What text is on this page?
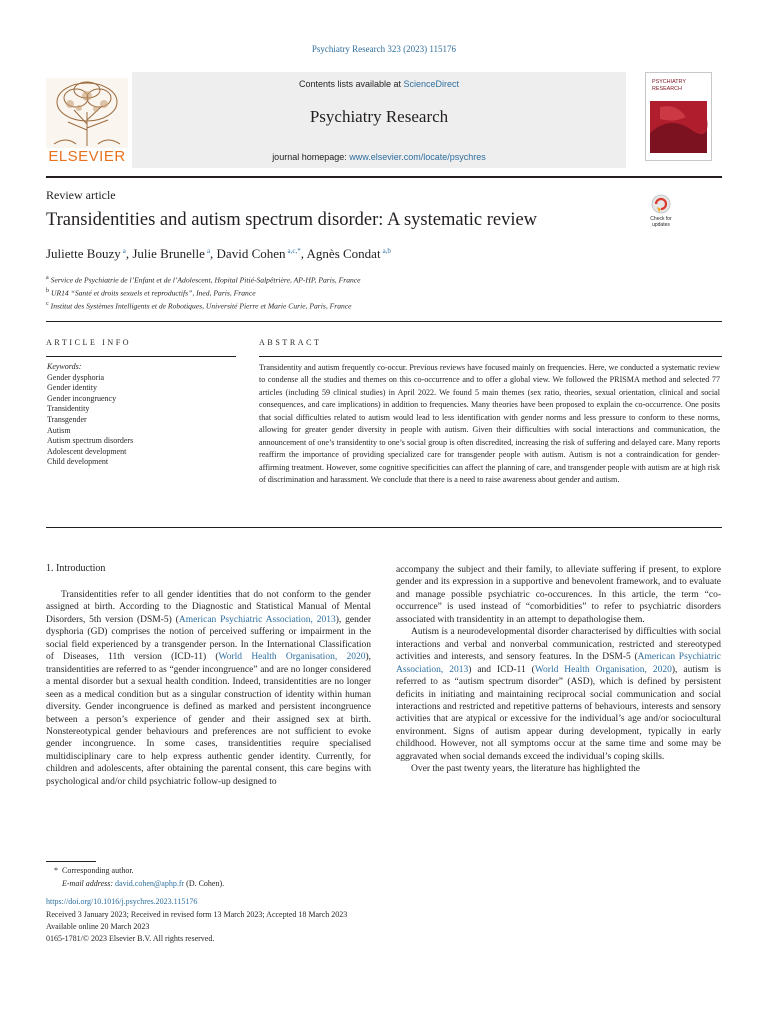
Psychiatry Research 323 (2023) 115176
ELSEVIER
Contents lists available at ScienceDirect
Psychiatry Research
journal homepage: www.elsevier.com/locate/psychres
PSYCHIATRY
RESEARCH
Review article
Transidentities and autism spectrum disorder: A systematic review	Check for
updates
Juliette Bouzy $^a$, Julie Brunelle $^a$, David Cohen $^{a,c,*}$, Agnès Condat $^{a,b}$
$^a$ Service de Psychiatrie de l’Enfant et de l’Adolescent, Hopital Pitié-Salpêtrière, AP-HP, Paris, France
$^b$ UR14 “Santé et droits sexuels et reproductifs”, Ined, Paris, France
$^c$ Institut des Systèmes Intelligents et de Robotiques, Université Pierre et Marie Curie, Paris, France
ARTICLE INFO
Keywords:
Gender dysphoria
Gender identity
Gender incongruency
Transidentity
Transgender
Autism
Autism spectrum disorders
Adolescent development
Child development
ABSTRACT
Transidentity and autism frequently co-occur. Previous reviews have focused mainly on frequencies. Here, we conducted a systematic review to condense all the studies and themes on this co-occurrence and to offer a global view. We followed the PRISMA method and selected 77 articles (including 59 clinical studies) in April 2022. We found 5 main themes (sex ratio, theories, sexual orientation, clinical and social consequences, and care implications) in addition to frequencies. Many theories have been proposed to explain the co-occurrence. One posits that social difficulties related to autism would lead to less identification with gender norms and less pressure to conform to these norms, allowing for greater gender diversity in people with autism. Given their difficulties with social interactions and communication, the announcement of one’s transidentity to one’s social group is often discredited, increasing the risk of suffering and delayed care. Many reports reaffirm the importance of providing specialized care for transgender people with autism. Autism is not a contraindication for gender-affirming treatment. However, some cognitive specificities can affect the planning of care, and transgender people with autism are at high risk of discrimination and harassment. We conclude that there is a need to raise awareness about gender and autism.
1. Introduction

Transidentities refer to all gender identities that do not conform to the gender assigned at birth. According to the Diagnostic and Statistical Manual of Mental Disorders, 5th version (DSM-5) (American Psychiatric Association, 2013), gender dysphoria (GD) comprises the notion of perceived suffering or impairment in the social field experienced by a transgender person. In the International Classification of Diseases, 11th version (ICD-11) (World Health Organisation, 2020), transidentities are referred to as “gender incongruence” and are no longer considered a mental disorder but a sexual health condition. Indeed, transidentities are no longer seen as a medical condition but as a singular construction of identity within human diversity. Gender incongruence is defined as marked and persistent incongruence between a person’s experience of gender and their assigned sex at birth. Nonstereotypical gender behaviours and preferences are not sufficient to evoke gender incongruence. In some cases, transidentities require specialised multidisciplinary care to help express authentic gender identity. Currently, for children and adolescents, after obtaining the parental consent, this care begins with psychological and/or child psychiatric follow-up designed to

accompany the subject and their family, to alleviate suffering if present, to explore gender and its expression in a supportive and benevolent framework, and to evaluate and manage possible psychiatric co-occurences. In this article, the term “co-occurrence” is used instead of “comorbidities” to refer to psychiatric disorders associated with transidentity in an attempt to depathologise them.

Autism is a neurodevelopmental disorder characterised by difficulties with social interactions and verbal and nonverbal communication, restricted and stereotyped activities and interests, and sensory features. In the DSM-5 (American Psychiatric Association, 2013) and ICD-11 (World Health Organisation, 2020), autism is referred to as “autism spectrum disorder” (ASD), which is defined by persistent deficits in initiating and maintaining reciprocal social communication and social interactions and restricted and repetitive patterns of behaviours, interests and sensory activities that are atypical or excessive for the individual’s age and/or sociocultural environment. Signs of autism appear during development, typically in early childhood. However, not all symptoms occur at the same time and some may be aggravated when social demands exceed the individual’s coping skills.

Over the past twenty years, the literature has highlighted the

* Corresponding author.
E-mail address: david.cohen@aphp.fr (D. Cohen).
https://doi.org/10.1016/j.psychres.2023.115176
Received 3 January 2023; Received in revised form 13 March 2023; Accepted 18 March 2023
Available online 20 March 2023
0165-1781/© 2023 Elsevier B.V. All rights reserved.
